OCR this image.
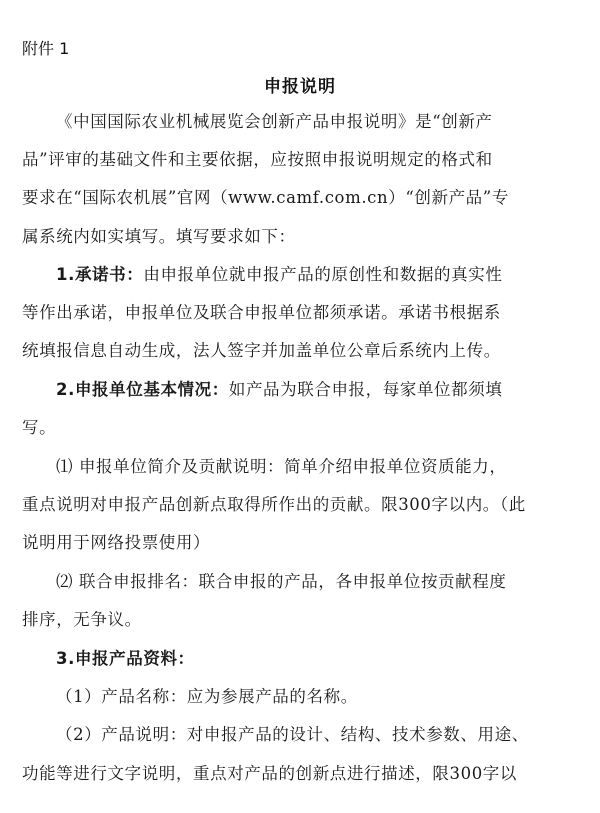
附件 1
申报说明
《中国国际农业机械展览会创新产品申报说明》是“创新产
品”评审的基础文件和主要依据，应按照申报说明规定的格式和
要求在“国际农机展”官网（www.camf.com.cn）“创新产品”专
属系统内如实填写。填写要求如下：
1.承诺书：由申报单位就申报产品的原创性和数据的真实性
等作出承诺，申报单位及联合申报单位都须承诺。承诺书根据系
统填报信息自动生成，法人签字并加盖单位公章后系统内上传。
2.申报单位基本情况：如产品为联合申报，每家单位都须填
写。
⑴ 申报单位简介及贡献说明：简单介绍申报单位资质能力，
重点说明对申报产品创新点取得所作出的贡献。限300字以内。（此
说明用于网络投票使用）
⑵ 联合申报排名：联合申报的产品，各申报单位按贡献程度
排序，无争议。
3.申报产品资料：
（1）产品名称：应为参展产品的名称。
（2）产品说明：对申报产品的设计、结构、技术参数、用途、
功能等进行文字说明，重点对产品的创新点进行描述，限300字以
